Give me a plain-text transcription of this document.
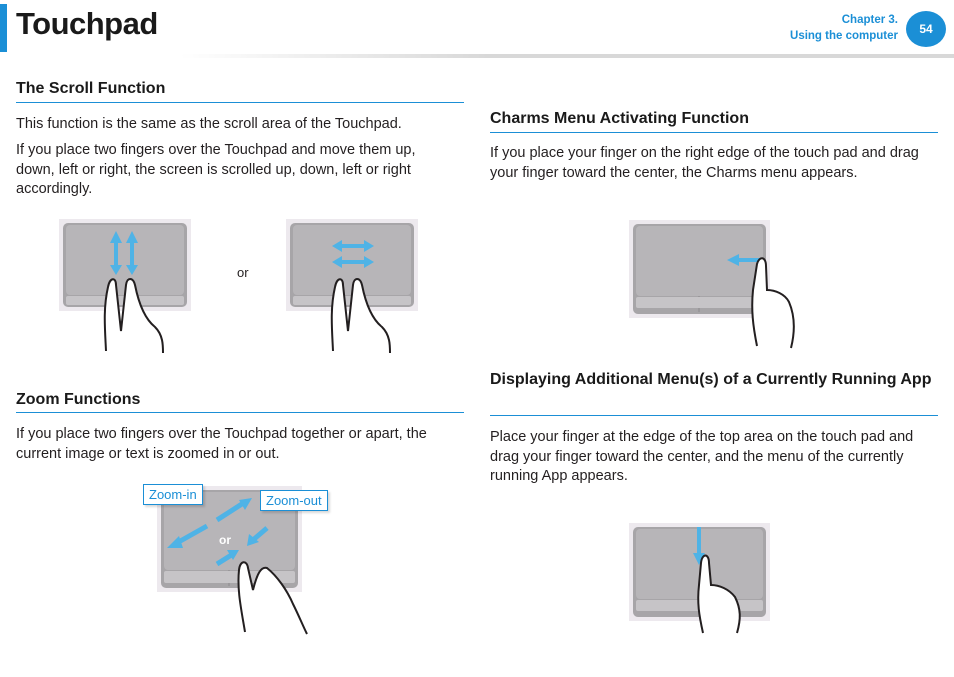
Touchpad	Chapter 3.
Using the computer	54
The Scroll Function
This function is the same as the scroll area of the Touchpad.
If you place two fingers over the Touchpad and move them up, down, left or right, the screen is scrolled up, down, left or right accordingly.
or
Zoom Functions
If you place two fingers over the Touchpad together or apart, the current image or text is zoomed in or out.
or
Zoom-in	Zoom-out
Charms Menu Activating Function
If you place your finger on the right edge of the touch pad and drag your finger toward the center, the Charms menu appears.
Displaying Additional Menu(s) of a Currently Running App
Place your finger at the edge of the top area on the touch pad and drag your finger toward the center, and the menu of the currently running App appears.
